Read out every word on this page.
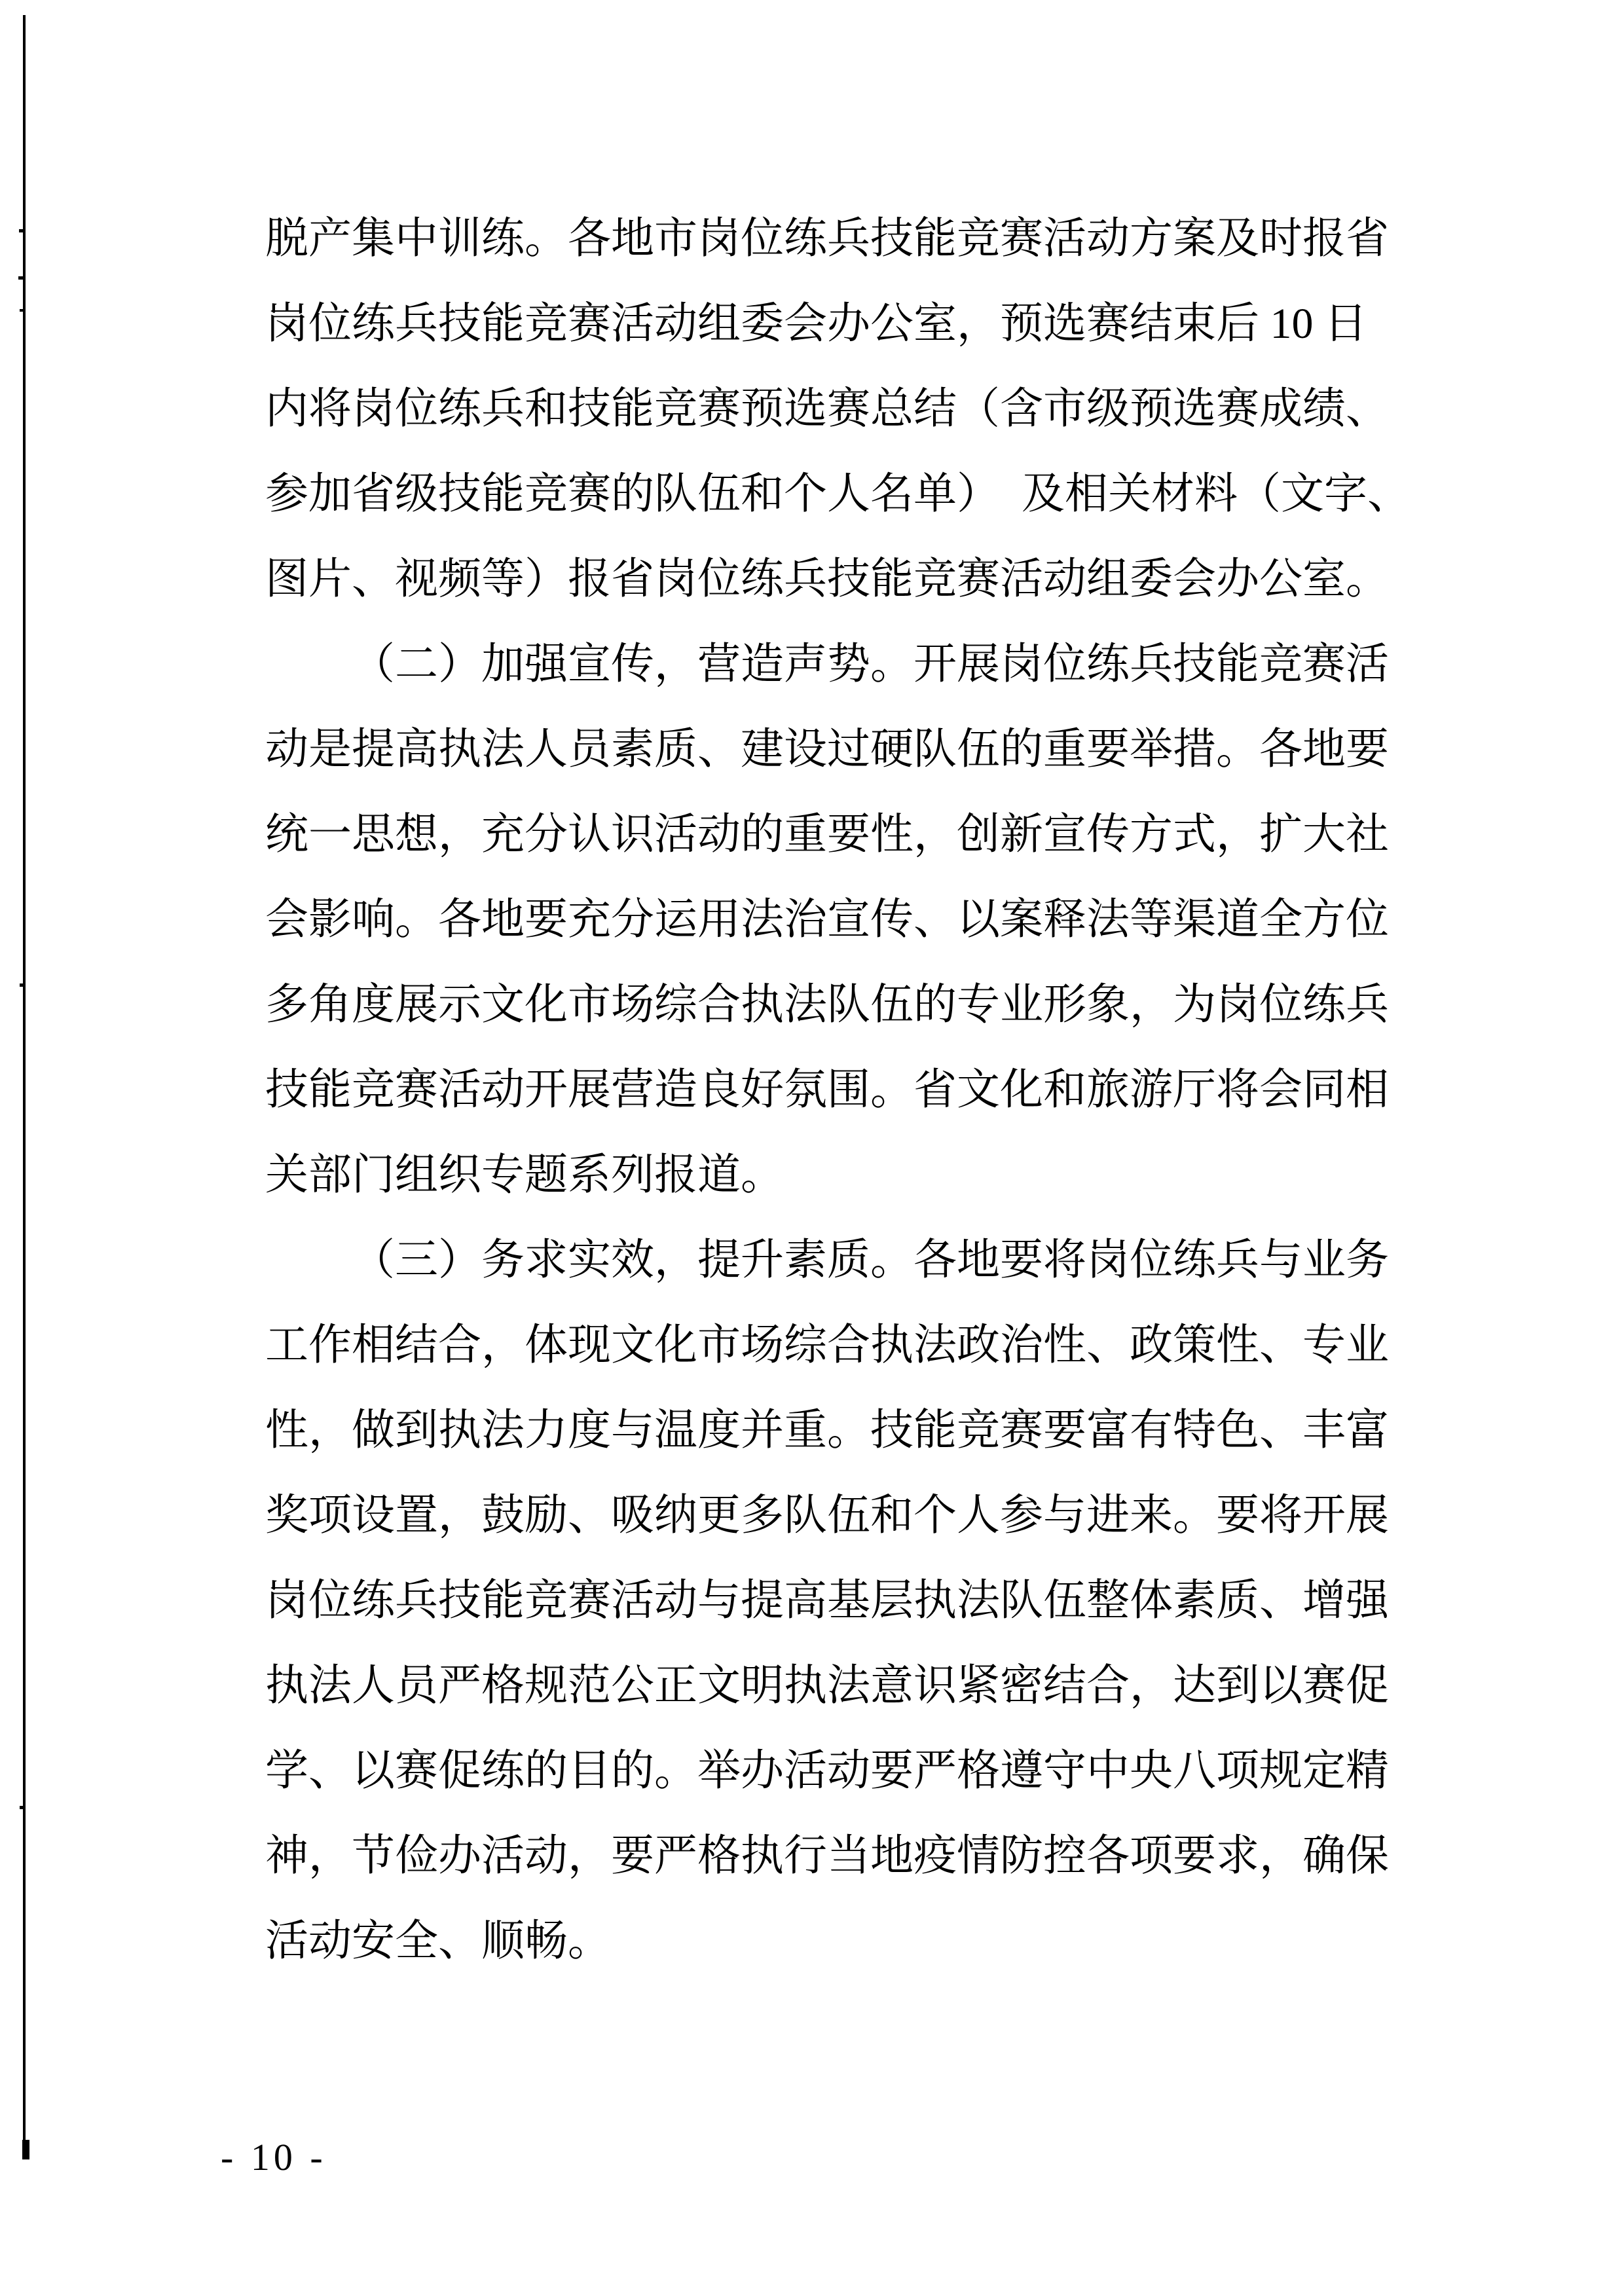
脱产集中训练。各地市岗位练兵技能竞赛活动方案及时报省
岗位练兵技能竞赛活动组委会办公室，预选赛结束后 10 日
内将岗位练兵和技能竞赛预选赛总结（含市级预选赛成绩、
参加省级技能竞赛的队伍和个人名单）　及相关材料（文字、
图片、视频等）报省岗位练兵技能竞赛活动组委会办公室。
（二）加强宣传，营造声势。开展岗位练兵技能竞赛活
动是提高执法人员素质、建设过硬队伍的重要举措。各地要
统一思想，充分认识活动的重要性，创新宣传方式，扩大社
会影响。各地要充分运用法治宣传、以案释法等渠道全方位
多角度展示文化市场综合执法队伍的专业形象，为岗位练兵
技能竞赛活动开展营造良好氛围。省文化和旅游厅将会同相
关部门组织专题系列报道。
（三）务求实效，提升素质。各地要将岗位练兵与业务
工作相结合，体现文化市场综合执法政治性、政策性、专业
性，做到执法力度与温度并重。技能竞赛要富有特色、丰富
奖项设置，鼓励、吸纳更多队伍和个人参与进来。要将开展
岗位练兵技能竞赛活动与提高基层执法队伍整体素质、增强
执法人员严格规范公正文明执法意识紧密结合，达到以赛促
学、以赛促练的目的。举办活动要严格遵守中央八项规定精
神，节俭办活动，要严格执行当地疫情防控各项要求，确保
活动安全、顺畅。
- 10 -
